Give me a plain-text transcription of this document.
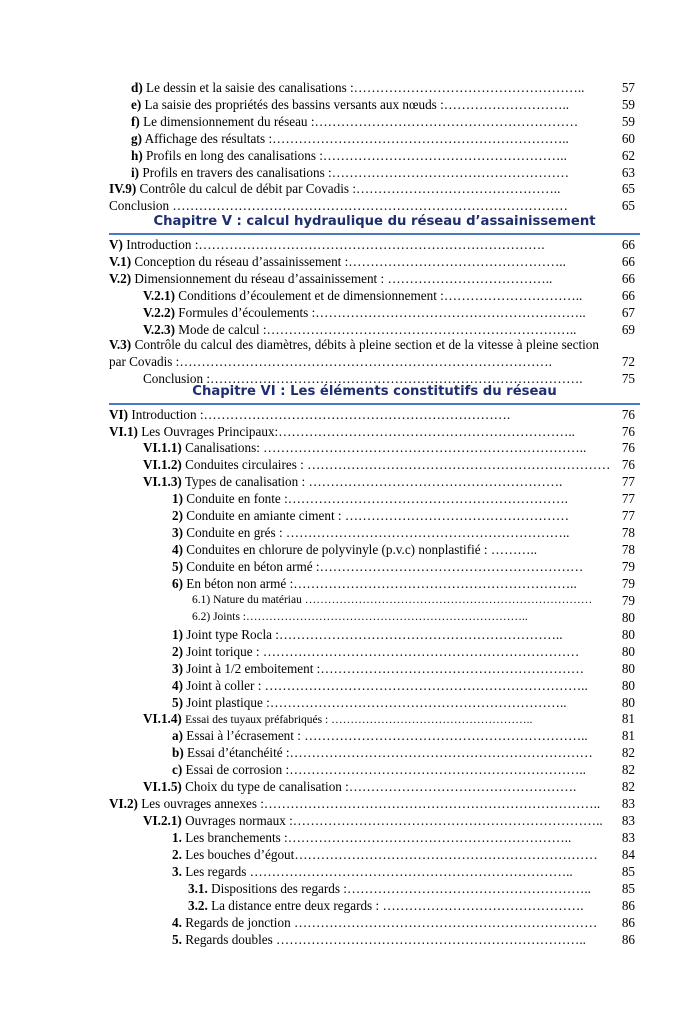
d) Le dessin et la saisie des canalisations :……………………………………………..	57
e) La saisie des propriétés des bassins versants aux nœuds :………………………..	59
f) Le dimensionnement du réseau :……………………………………………………	59
g) Affichage des résultats :…………………………………………………………..	60
h) Profils en long des canalisations :………………………………………………..	62
i) Profils en travers des canalisations :………………………………………………	63
IV.9) Contrôle du calcul de débit par Covadis :………………………………………..	65
Conclusion ………………………………………………………………………………	65
Chapitre V : calcul hydraulique du réseau d’assainissement
V) Introduction :…………………………………………………………………….	66
V.1) Conception du réseau d’assainissement :…………………………………………..	66
V.2) Dimensionnement du réseau d’assainissement : ………………………………..	66
V.2.1) Conditions d’écoulement et de dimensionnement :…………………………..	66
V.2.2) Formules d’écoulements :……………………………………………………..	67
V.2.3) Mode de calcul :……………………………………………………………..	69
V.3) Contrôle du calcul des diamètres, débits à pleine section et de la vitesse à pleine section par Covadis :………………………………………………………………………….	72
Conclusion :………………………………………………………………………….	75
Chapitre VI : Les éléments constitutifs du réseau
VI) Introduction :…………………………………………………………….	76
VI.1) Les Ouvrages Principaux:…………………………………………………………..	76
VI.1.1) Canalisations: ………………………………………………………………..	76
VI.1.2) Conduites circulaires : …………………………………………………………… 76
VI.1.3) Types de canalisation : ………………………………………………….	77
1) Conduite en fonte :……………………………………………………….	77
2) Conduite en amiante ciment : ……………………………………………	77
3) Conduite en grés : ………………………………………………………..	78
4) Conduites en chlorure de polyvinyle (p.v.c) nonplastifié : ………..	78
5) Conduite en béton armé :……………………………………………………	79
6) En béton non armé :………………………………………………………..	79
6.1) Nature du matériau …………………………………………………………………	79
6.2) Joints :………………………………………………………………..	80
1) Joint type Rocla :………………………………………………………..	80
2) Joint torique : ………………………………………………………………	80
3) Joint à 1/2 emboitement :……………………………………………………	80
4) Joint à coller : ………………………………………………………………..	80
5) Joint plastique :…………………………………………………………..	80
VI.1.4) Essai des tuyaux préfabriqués : ……………………………………………..	81
a) Essai à l’écrasement : ………………………………………………………..	81
b) Essai d’étanchéité :……………………………………………………………	82
c) Essai de corrosion :…………………………………………………………..	82
VI.1.5) Choix du type de canalisation :…………………………………………….	82
VI.2) Les ouvrages annexes :…………………………………………………………………..	83
VI.2.1) Ouvrages normaux :……………………………………………………………..	83
1. Les branchements :………………………………………………………..	83
2. Les bouches d’égout……………………………………………………………	84
3. Les regards ………………………………………………………………..	85
3.1. Dispositions des regards :………………………………………………..	85
3.2. La distance entre deux regards : ……………………………………….	86
4. Regards de jonction ……………………………………………………………	86
5. Regards doubles ……………………………………………………………..	86
